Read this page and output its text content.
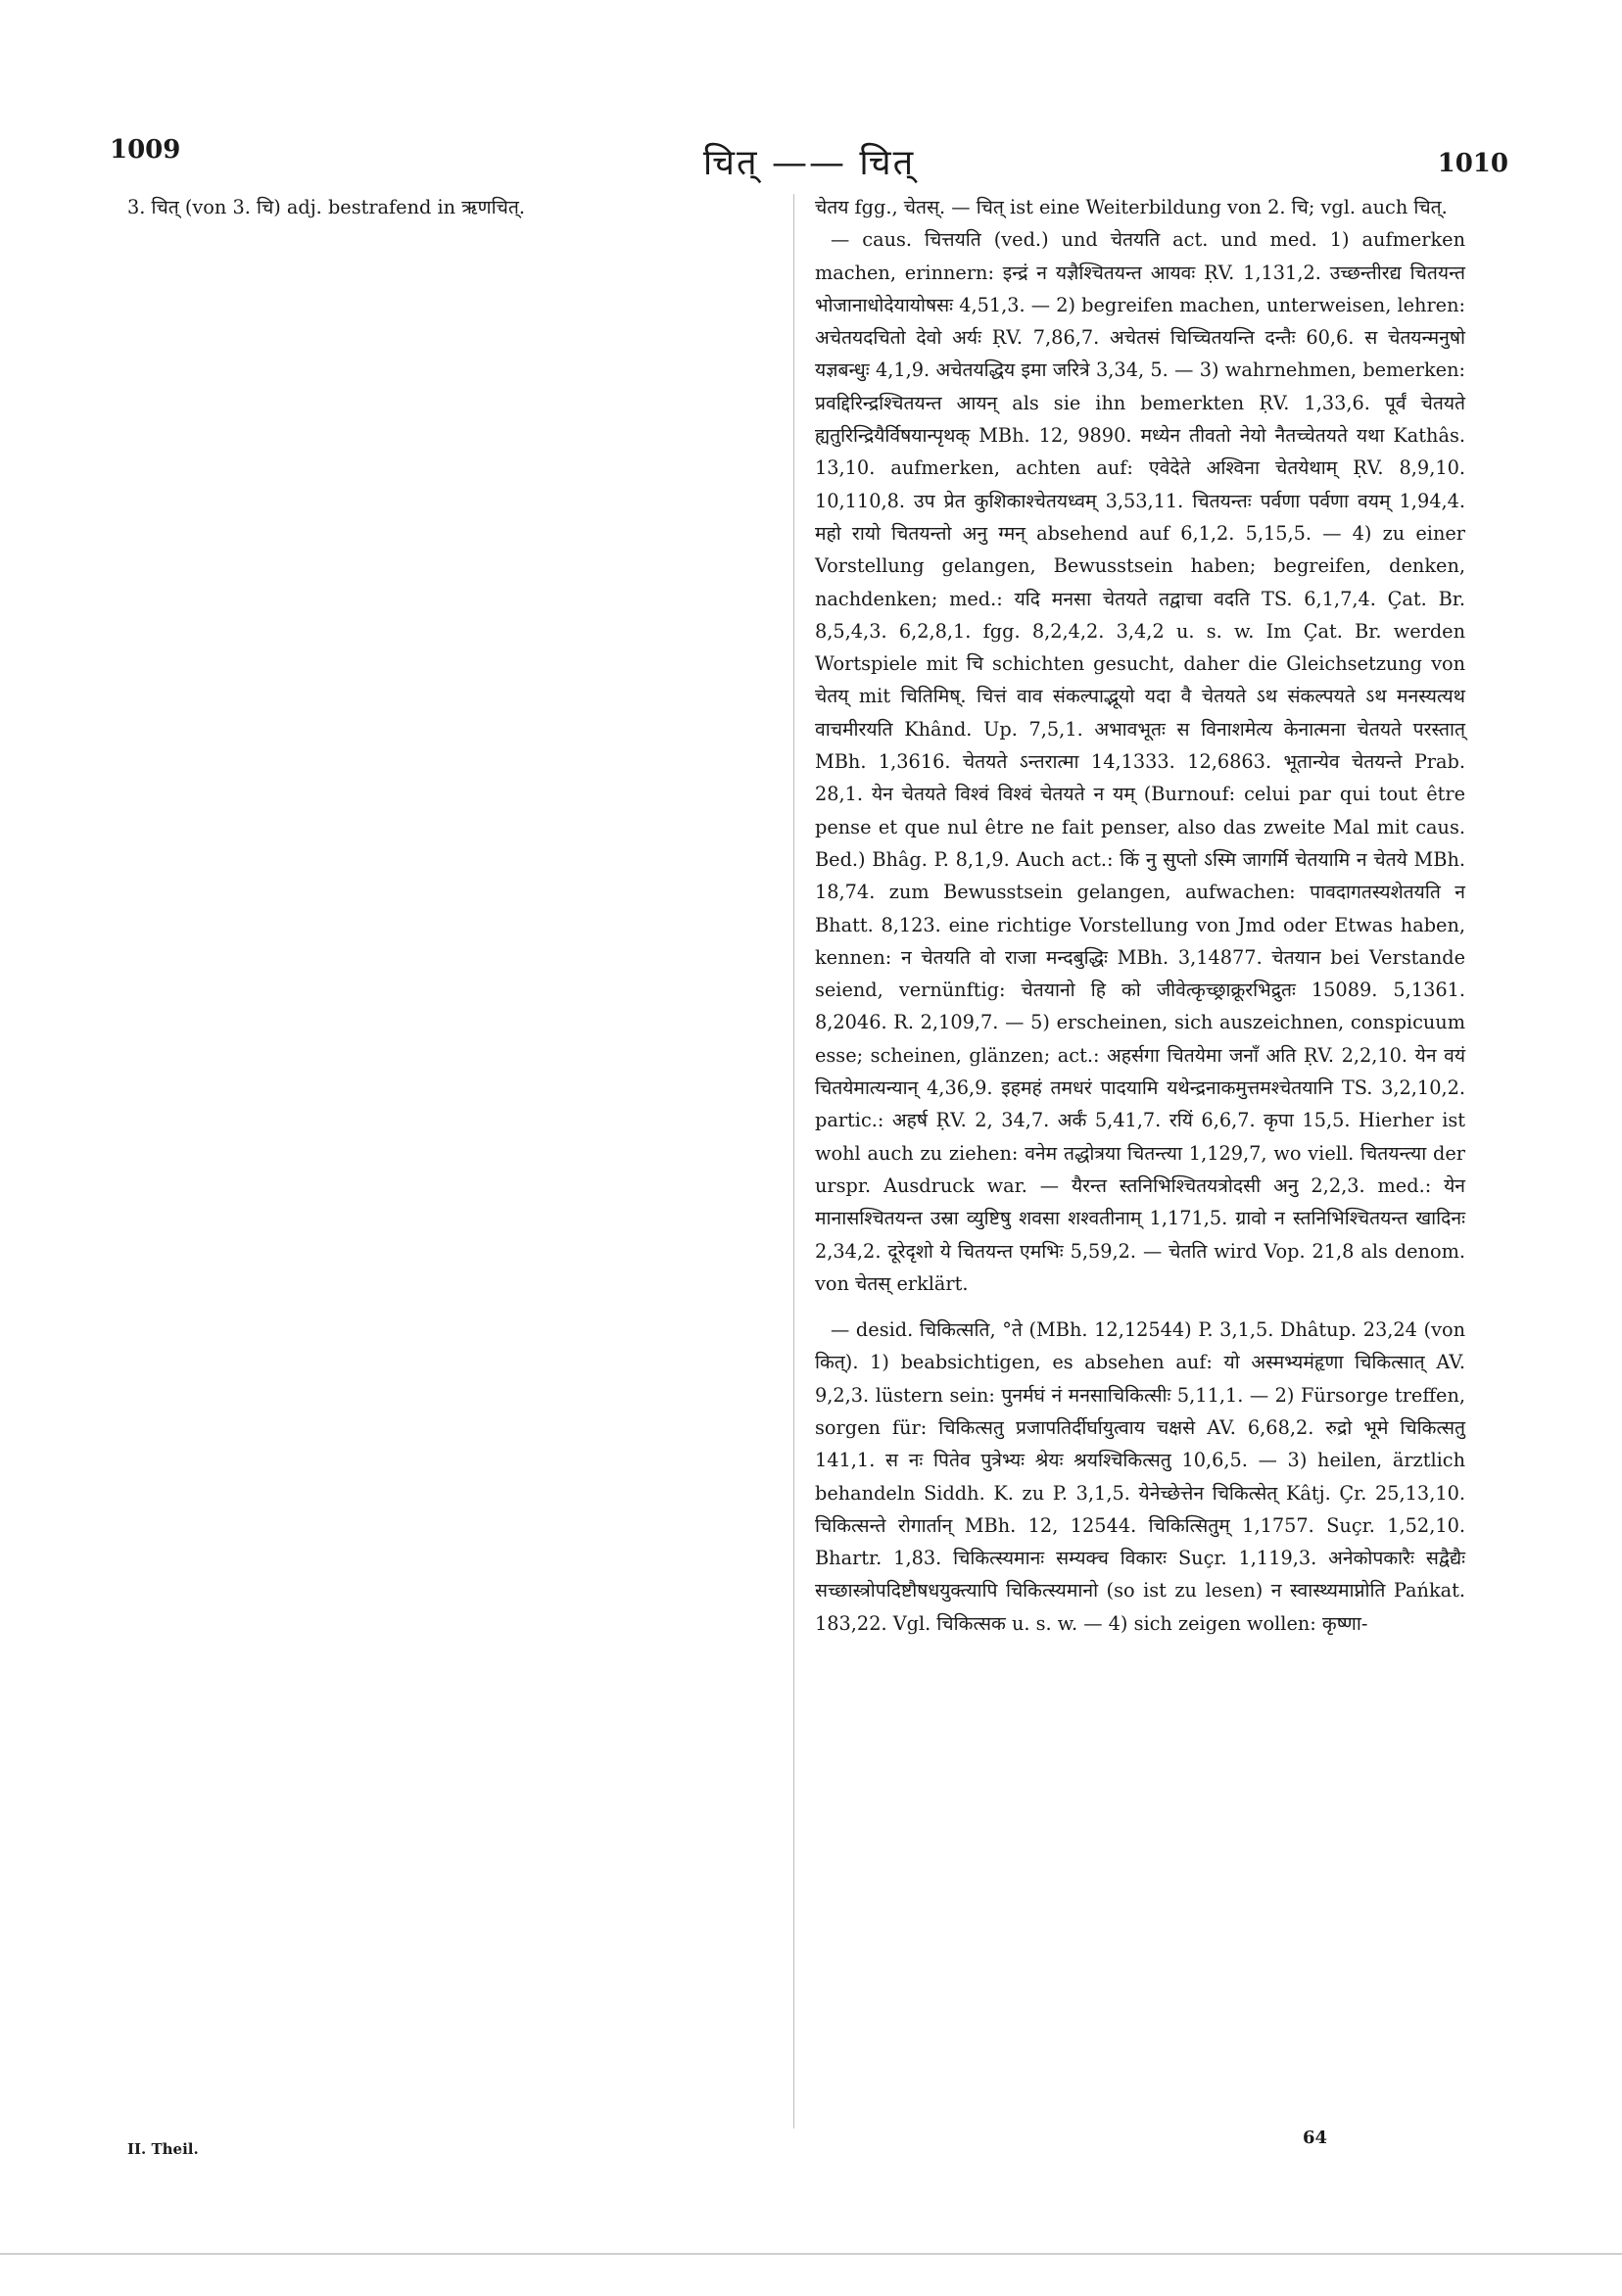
1009	चित् —— चित्	1010

3. चित् (von 3. चि) adj. bestrafend in ऋणचित्.	चेतय fgg., चेतस्. — चित् ist eine Weiterbildung von 2. चि; vgl. auch चित्.

— caus. चित्तयति (ved.) und चेतयति act. und med. 1) aufmerken machen, erinnern: इन्द्रं न यज्ञैश्चितयन्त आयवः ṚV. 1,131,2. उच्छन्तीरद्य चितयन्त भोजानाधोदेयायोषसः 4,51,3. — 2) begreifen machen, unterweisen, lehren: अचेतयदचितो देवो अर्यः ṚV. 7,86,7. अचेतसं चिच्चितयन्ति दन्तैः 60,6. स चेतयन्मनुषो यज्ञबन्धुः 4,1,9. अचेतयद्धिय इमा जरित्रे 3,34, 5. — 3) wahrnehmen, bemerken: प्रवद्दिरिन्द्रश्चितयन्त आयन् als sie ihn bemerkten ṚV. 1,33,6. पूर्वं चेतयते ह्यतुरिन्द्रियैर्विषयान्पृथक् MBh. 12, 9890. मध्येन तीवतो नेयो नैतच्चेतयते यथा Kathâs. 13,10. aufmerken, achten auf: एवेदेते अश्विना चेतयेथाम् ṚV. 8,9,10. 10,110,8. उप प्रेत कुशिकाश्चेतयध्वम् 3,53,11. चितयन्तः पर्वणा पर्वणा वयम् 1,94,4. महो रायो चितयन्तो अनु ग्मन् absehend auf 6,1,2. 5,15,5. — 4) zu einer Vorstellung gelangen, Bewusstsein haben; begreifen, denken, nachdenken; med.: यदि मनसा चेतयते तद्वाचा वदति TS. 6,1,7,4. Çat. Br. 8,5,4,3. 6,2,8,1. fgg. 8,2,4,2. 3,4,2 u. s. w. Im Çat. Br. werden Wortspiele mit चि schichten gesucht, daher die Gleichsetzung von चेतय् mit चितिमिष्. चित्तं वाव संकल्पाद्भूयो यदा वै चेतयते ऽथ संकल्पयते ऽथ मनस्यत्यथ वाचमीरयति Khând. Up. 7,5,1. अभावभूतः स विनाशमेत्य केनात्मना चेतयते परस्तात् MBh. 1,3616. चेतयते ऽन्तरात्मा 14,1333. 12,6863. भूतान्येव चेतयन्ते Prab. 28,1. येन चेतयते विश्वं विश्वं चेतयते न यम् (Burnouf: celui par qui tout être pense et que nul être ne fait penser, also das zweite Mal mit caus. Bed.) Bhâg. P. 8,1,9. Auch act.: किं नु सुप्तो ऽस्मि जागर्मि चेतयामि न चेतये MBh. 18,74. zum Bewusstsein gelangen, aufwachen: पावदागतस्यशेतयति न Bhatt. 8,123. eine richtige Vorstellung von Jmd oder Etwas haben, kennen: न चेतयति वो राजा मन्दबुद्धिः MBh. 3,14877. चेतयान bei Verstande seiend, vernünftig: चेतयानो हि को जीवेत्कृच्छ्राक्रूरभिद्रुतः 15089. 5,1361. 8,2046. R. 2,109,7. — 5) erscheinen, sich auszeichnen, conspicuum esse; scheinen, glänzen; act.: अहर्सगा चितयेमा जनाँ अति ṚV. 2,2,10. येन वयं चितयेमात्यन्यान् 4,36,9. इहमहं तमधरं पादयामि यथेन्द्रनाकमुत्तमश्चेतयानि TS. 3,2,10,2. partic.: अहर्ष ṚV. 2, 34,7. अर्कं 5,41,7. रयिं 6,6,7. कृपा 15,5. Hierher ist wohl auch zu ziehen: वनेम तद्धोत्रया चितन्त्या 1,129,7, wo viell. चितयन्त्या der urspr. Ausdruck war. — यैरन्त स्तनिभिश्चितयत्रोदसी अनु 2,2,3. med.: येन मानासश्चितयन्त उस्रा व्युष्टिषु शवसा शश्वतीनाम् 1,171,5. ग्रावो न स्तनिभिश्चितयन्त खादिनः 2,34,2. दूरेदृशो ये चितयन्त एमभिः 5,59,2. — चेतति wird Vop. 21,8 als denom. von चेतस् erklärt.

— desid. चिकित्सति, °ते (MBh. 12,12544) P. 3,1,5. Dhâtup. 23,24 (von कित्). 1) beabsichtigen, es absehen auf: यो अस्मभ्यमंहृणा चिकित्सात् AV. 9,2,3. lüstern sein: पुनर्मघं नं मनसाचिकित्सीः 5,11,1. — 2) Fürsorge treffen, sorgen für: चिकित्सतु प्रजापतिर्दीर्घायुत्वाय चक्षसे AV. 6,68,2. रुद्रो भूमे चिकित्सतु 141,1. स नः पितेव पुत्रेभ्यः श्रेयः श्रयश्चिकित्सतु 10,6,5. — 3) heilen, ärztlich behandeln Siddh. K. zu P. 3,1,5. येनेच्छेत्तेन चिकित्सेत् Kâtj. Çr. 25,13,10. चिकित्सन्ते रोगार्तान् MBh. 12, 12544. चिकित्सितुम् 1,1757. Suçr. 1,52,10. Bhartr. 1,83. चिकित्स्यमानः सम्यक्च विकारः Suçr. 1,119,3. अनेकोपकारैः सद्वैद्यैः सच्छास्त्रोपदिष्टौषधयुक्त्यापि चिकित्स्यमानो (so ist zu lesen) न स्वास्थ्यमाप्नोति Pańkat. 183,22. Vgl. चिकित्सक u. s. w. — 4) sich zeigen wollen: कृष्णा-

II. Theil.
64
